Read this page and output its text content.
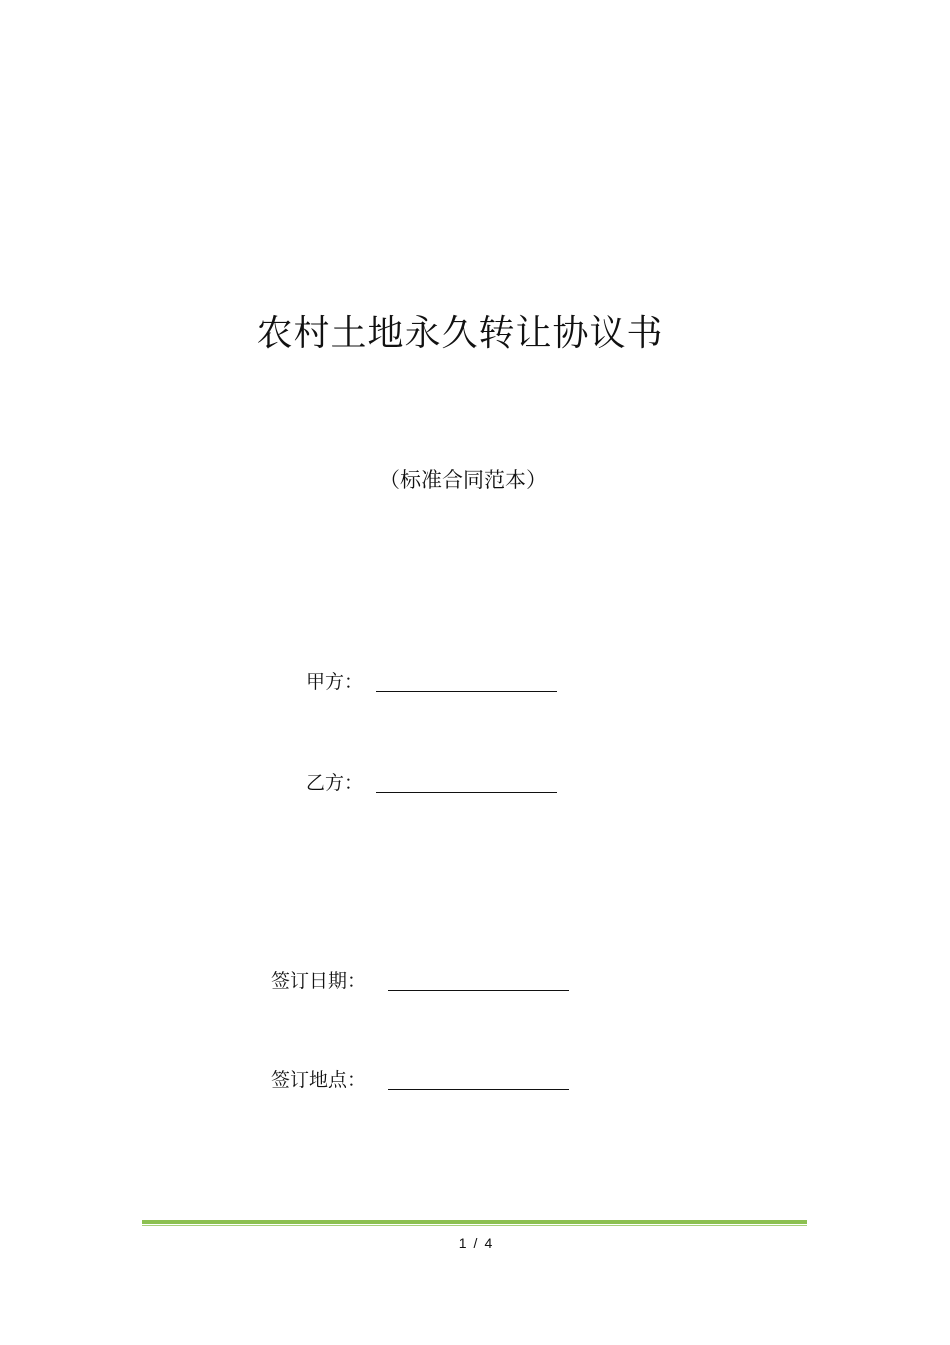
农村土地永久转让协议书
（标准合同范本）
甲方：
乙方：
签订日期：
签订地点：
1 / 4
